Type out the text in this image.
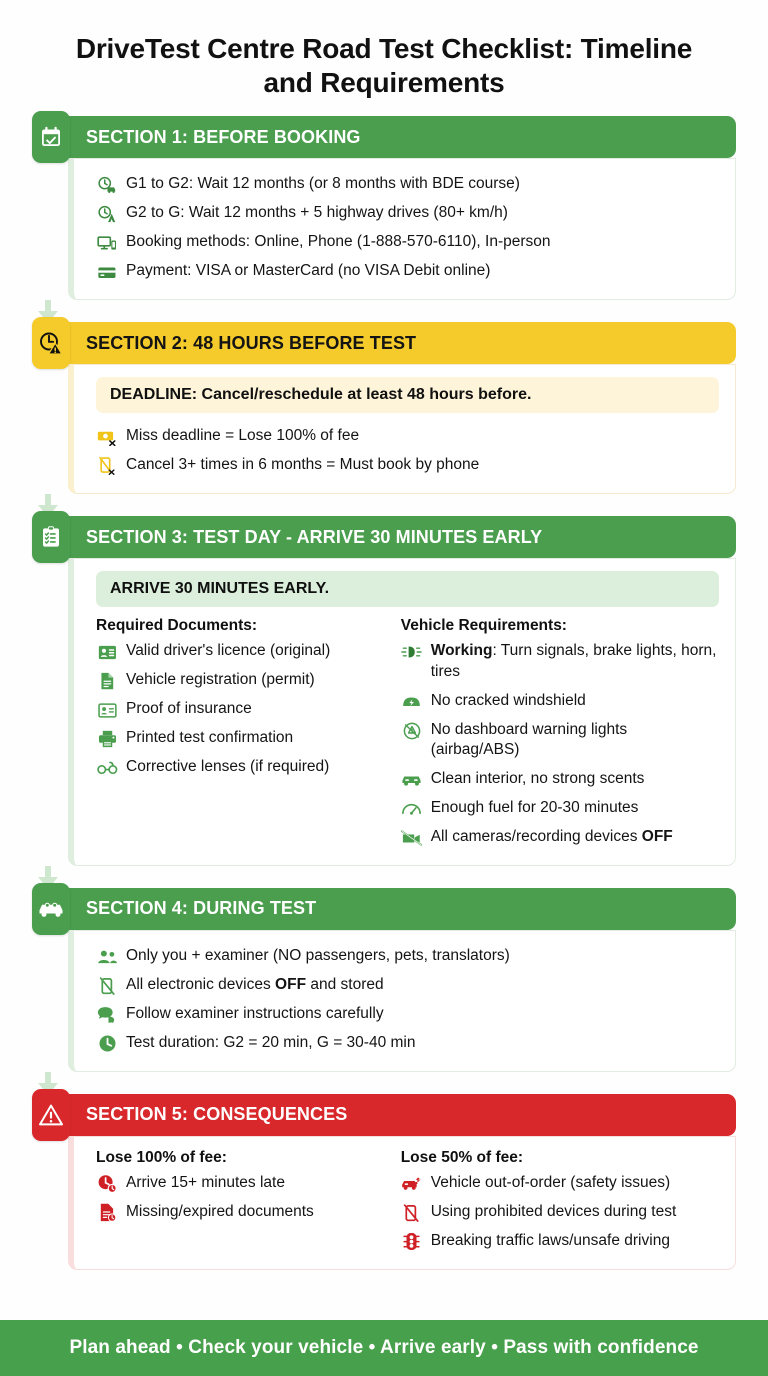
DriveTest Centre Road Test Checklist: Timeline and Requirements
SECTION 1: BEFORE BOOKING
G1 to G2: Wait 12 months (or 8 months with BDE course)
G2 to G: Wait 12 months + 5 highway drives (80+ km/h)
Booking methods: Online, Phone (1-888-570-6110), In-person
Payment: VISA or MasterCard (no VISA Debit online)
SECTION 2: 48 HOURS BEFORE TEST
DEADLINE: Cancel/reschedule at least 48 hours before.
Miss deadline = Lose 100% of fee
Cancel 3+ times in 6 months = Must book by phone
SECTION 3: TEST DAY - ARRIVE 30 MINUTES EARLY
ARRIVE 30 MINUTES EARLY.
Required Documents:
Valid driver's licence (original)
Vehicle registration (permit)
Proof of insurance
Printed test confirmation
Corrective lenses (if required)
Vehicle Requirements:
Working: Turn signals, brake lights, horn, tires
No cracked windshield
No dashboard warning lights (airbag/ABS)
Clean interior, no strong scents
Enough fuel for 20-30 minutes
All cameras/recording devices OFF
SECTION 4: DURING TEST
Only you + examiner (NO passengers, pets, translators)
All electronic devices OFF and stored
Follow examiner instructions carefully
Test duration: G2 = 20 min, G = 30-40 min
SECTION 5: CONSEQUENCES
Lose 100% of fee:
Arrive 15+ minutes late
Missing/expired documents
Lose 50% of fee:
Vehicle out-of-order (safety issues)
Using prohibited devices during test
Breaking traffic laws/unsafe driving
Plan ahead • Check your vehicle • Arrive early • Pass with confidence
